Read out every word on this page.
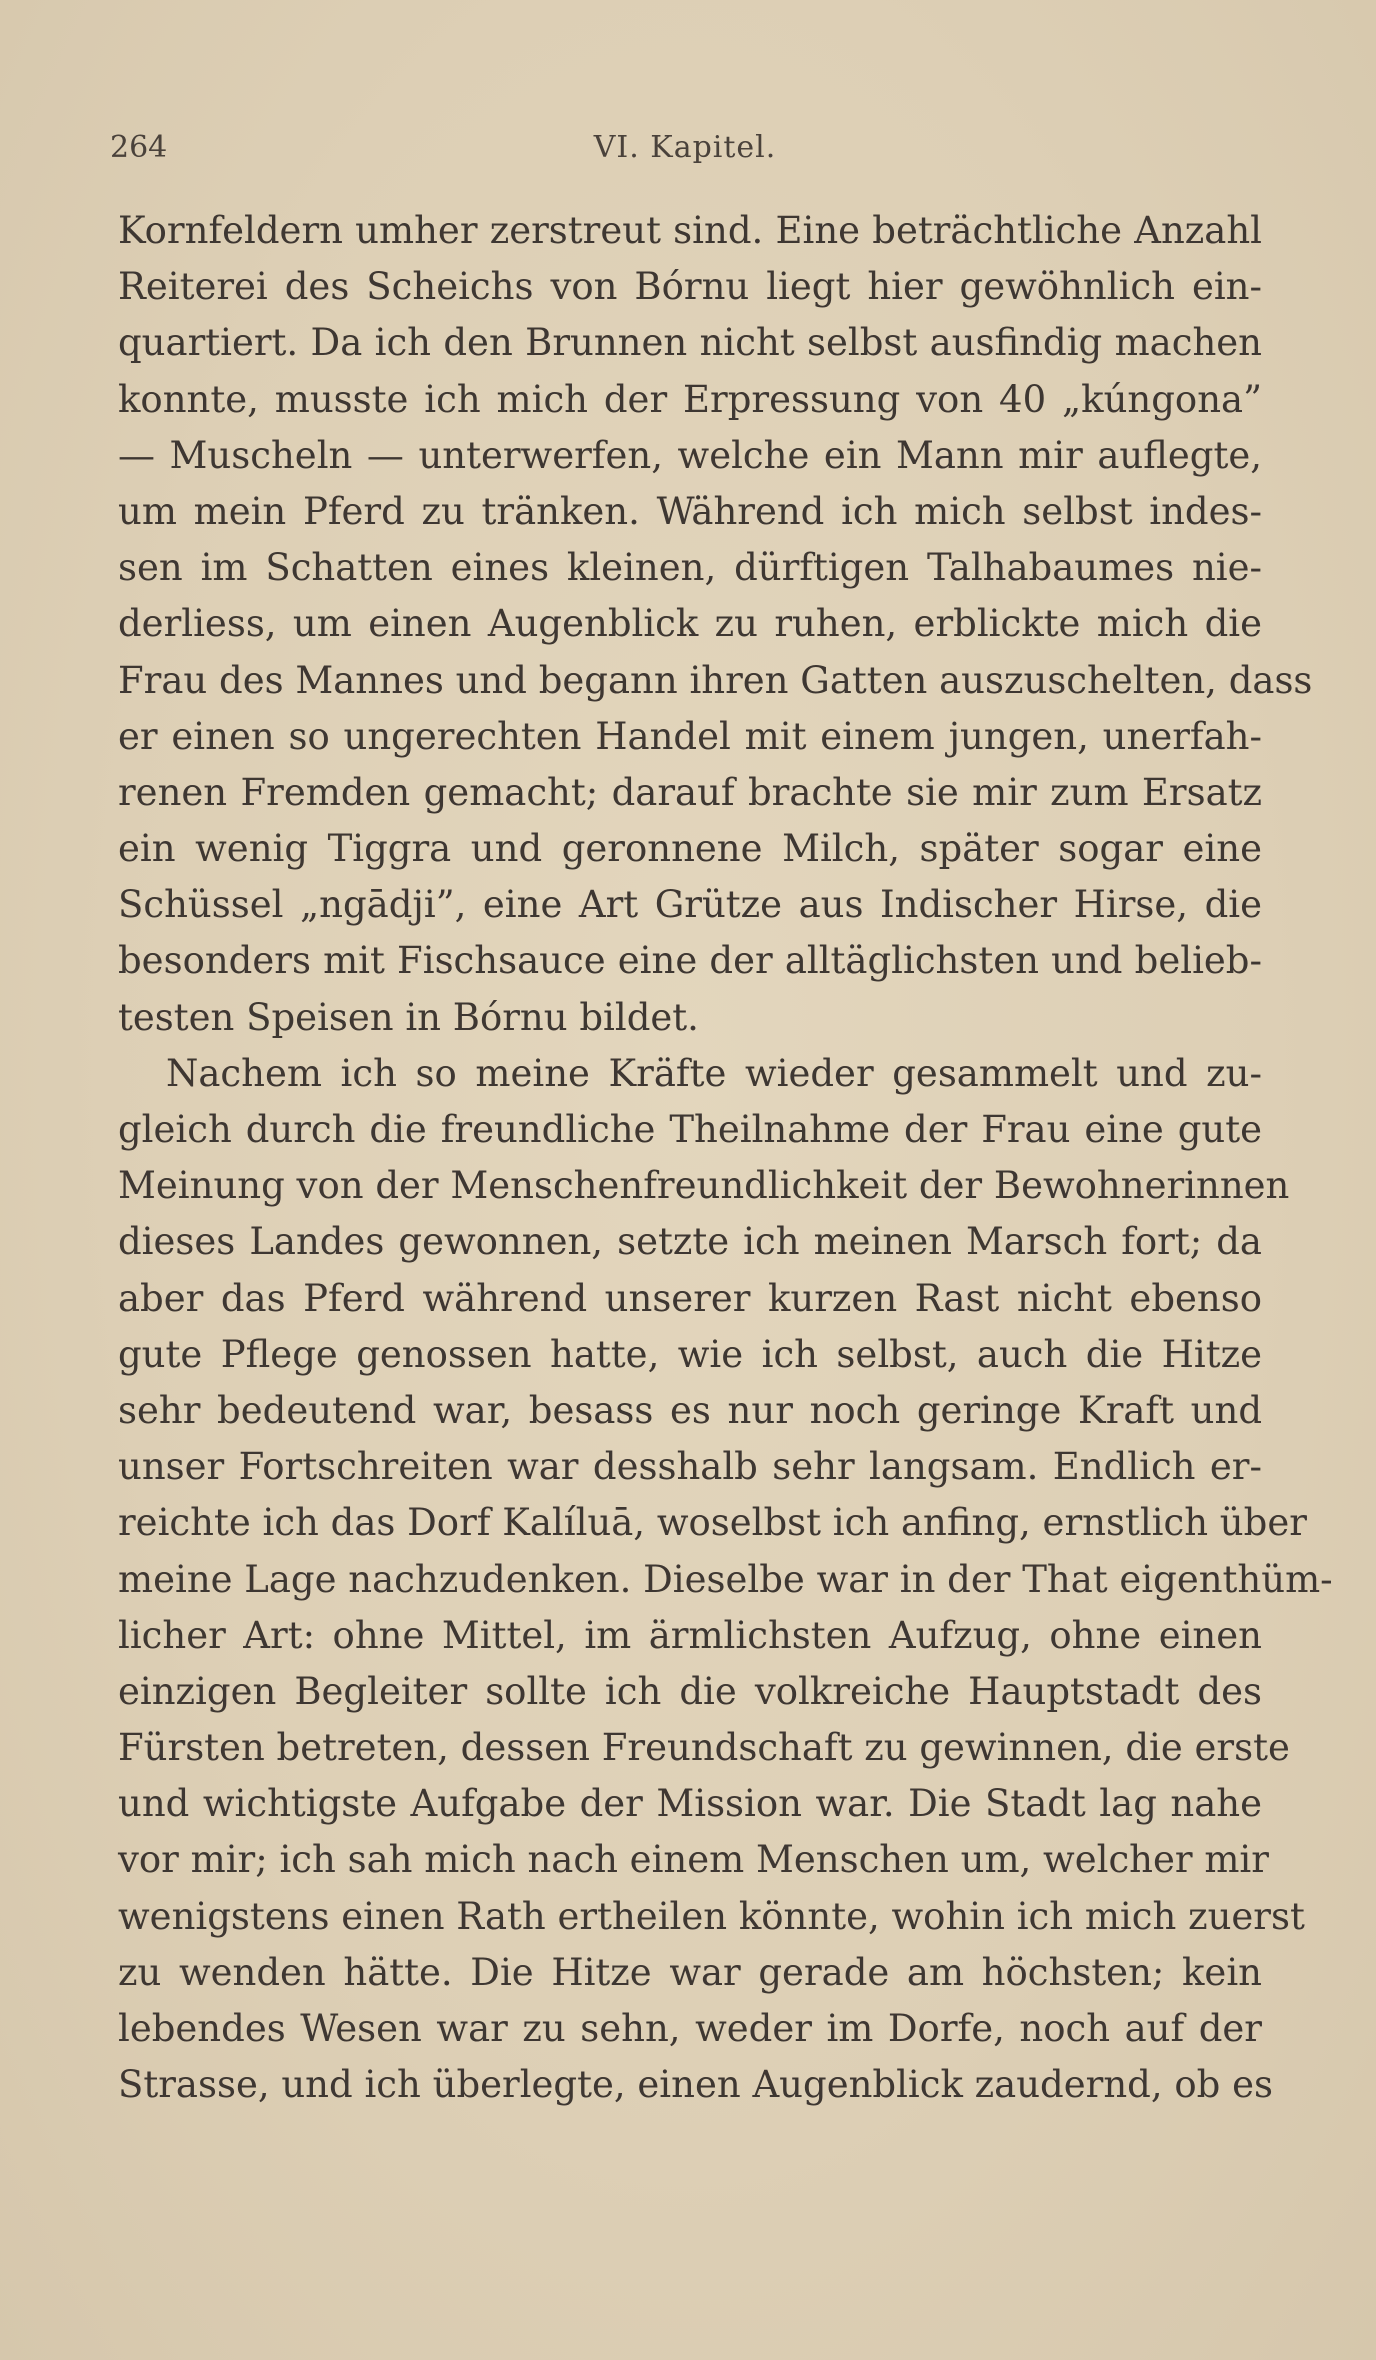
264	VI. Kapitel.
Kornfeldern umher zerstreut sind. Eine beträchtliche Anzahl
Reiterei des Scheichs von Bórnu liegt hier gewöhnlich ein-
quartiert. Da ich den Brunnen nicht selbst ausfindig machen
konnte, musste ich mich der Erpressung von 40 „kúngona”
— Muscheln — unterwerfen, welche ein Mann mir auflegte,
um mein Pferd zu tränken. Während ich mich selbst indes-
sen im Schatten eines kleinen, dürftigen Talhabaumes nie-
derliess, um einen Augenblick zu ruhen, erblickte mich die
Frau des Mannes und begann ihren Gatten auszuschelten, dass
er einen so ungerechten Handel mit einem jungen, unerfah-
renen Fremden gemacht; darauf brachte sie mir zum Ersatz
ein wenig Tiggra und geronnene Milch, später sogar eine
Schüssel „ngādji”, eine Art Grütze aus Indischer Hirse, die
besonders mit Fischsauce eine der alltäglichsten und belieb-
testen Speisen in Bórnu bildet.
Nachem ich so meine Kräfte wieder gesammelt und zu-
gleich durch die freundliche Theilnahme der Frau eine gute
Meinung von der Menschenfreundlichkeit der Bewohnerinnen
dieses Landes gewonnen, setzte ich meinen Marsch fort; da
aber das Pferd während unserer kurzen Rast nicht ebenso
gute Pflege genossen hatte, wie ich selbst, auch die Hitze
sehr bedeutend war, besass es nur noch geringe Kraft und
unser Fortschreiten war desshalb sehr langsam. Endlich er-
reichte ich das Dorf Kalíluā, woselbst ich anfing, ernstlich über
meine Lage nachzudenken. Dieselbe war in der That eigenthüm-
licher Art: ohne Mittel, im ärmlichsten Aufzug, ohne einen
einzigen Begleiter sollte ich die volkreiche Hauptstadt des
Fürsten betreten, dessen Freundschaft zu gewinnen, die erste
und wichtigste Aufgabe der Mission war. Die Stadt lag nahe
vor mir; ich sah mich nach einem Menschen um, welcher mir
wenigstens einen Rath ertheilen könnte, wohin ich mich zuerst
zu wenden hätte. Die Hitze war gerade am höchsten; kein
lebendes Wesen war zu sehn, weder im Dorfe, noch auf der
Strasse, und ich überlegte, einen Augenblick zaudernd, ob es
